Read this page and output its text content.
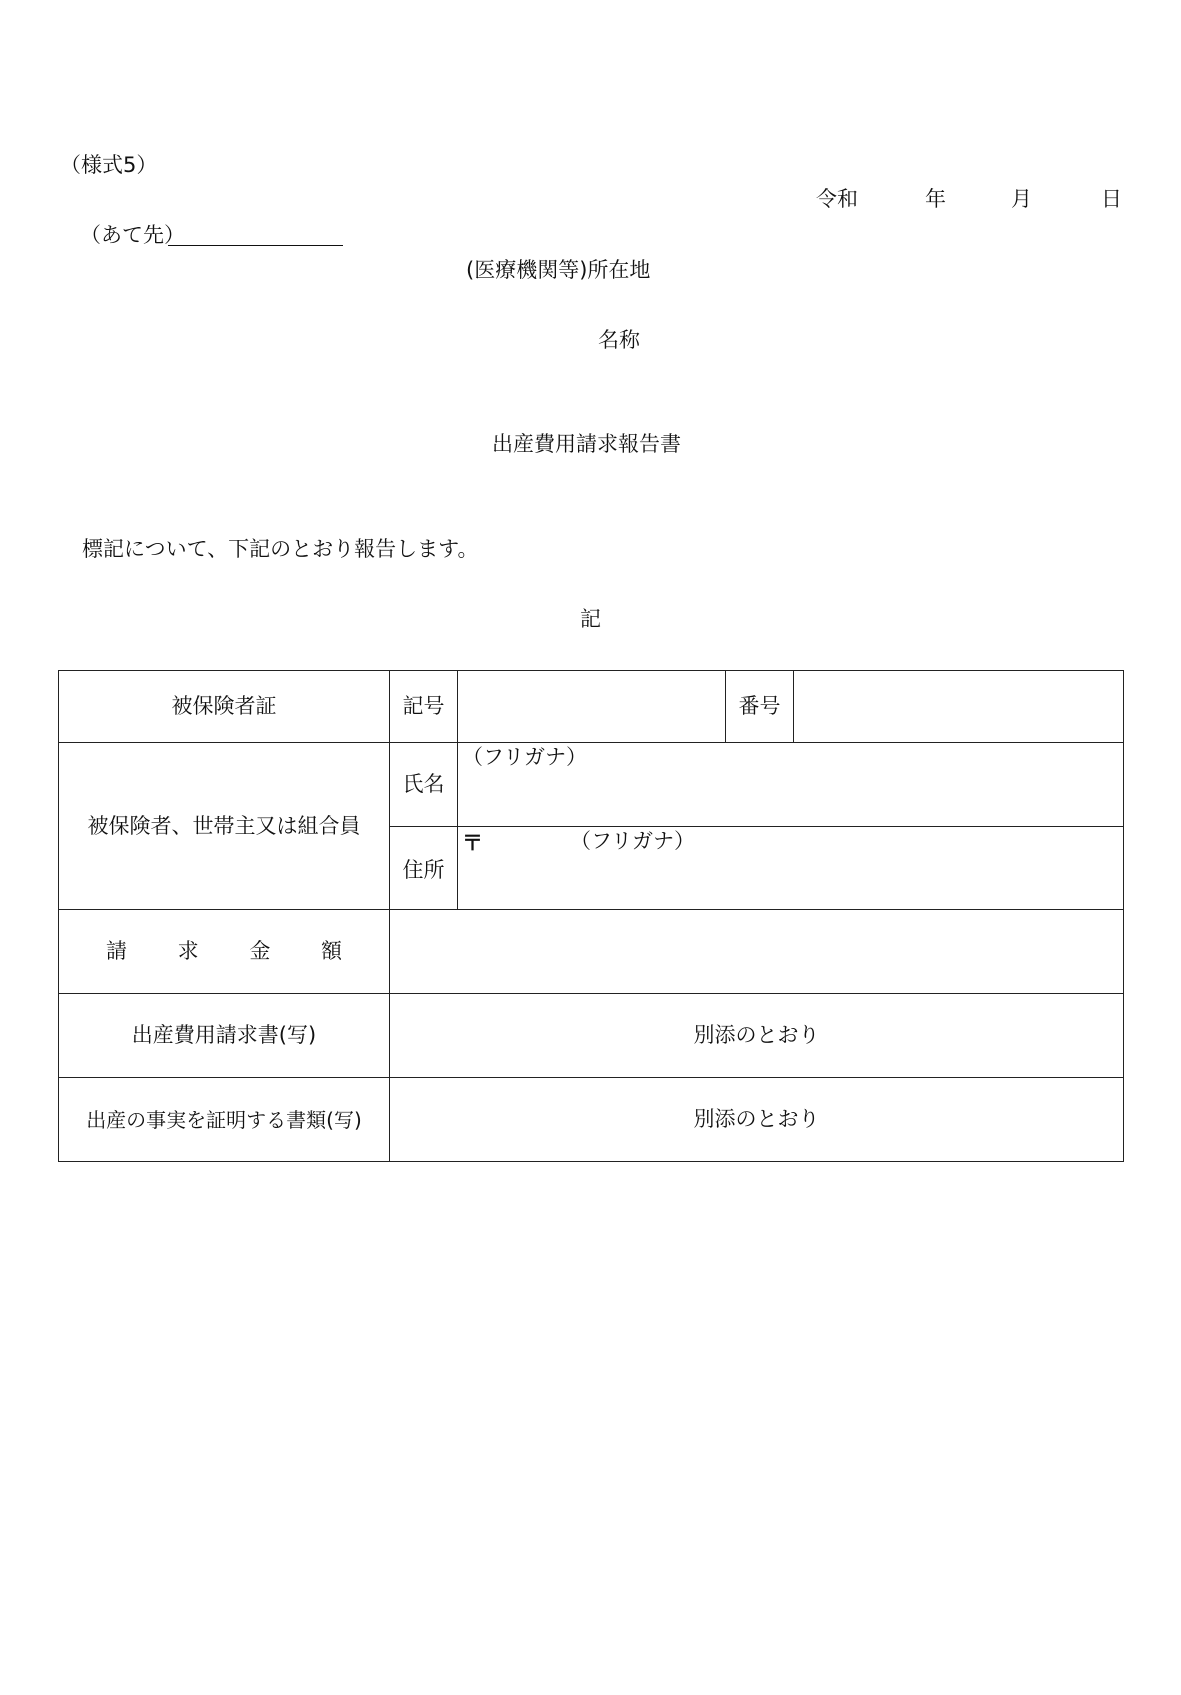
（様式5）
令和	年	月	日
（あて先）
(医療機関等)所在地
名称
出産費用請求報告書
標記について、下記のとおり報告します。
記
被保険者証	記号		番号	
被保険者、世帯主又は組合員	氏名	（フリガナ）		

	住所	〒 （フリガナ）		

請 求 金 額				
出産費用請求書(写)	別添のとおり			
出産の事実を証明する書類(写)	別添のとおり			
